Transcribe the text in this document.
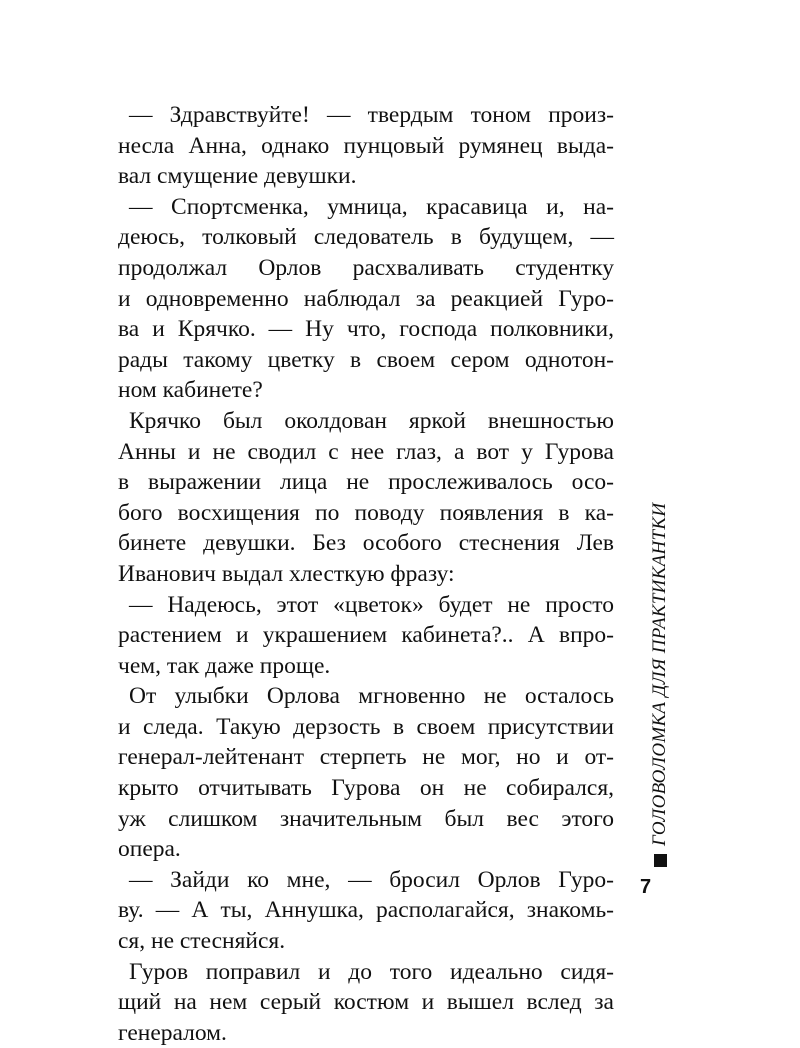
— Здравствуйте! — твердым тоном произ-
несла Анна, однако пунцовый румянец выда-
вал смущение девушки.
— Спортсменка, умница, красавица и, на-
деюсь, толковый следователь в будущем, —
продолжал Орлов расхваливать студентку
и одновременно наблюдал за реакцией Гуро-
ва и Крячко. — Ну что, господа полковники,
рады такому цветку в своем сером однотон-
ном кабинете?
Крячко был околдован яркой внешностью
Анны и не сводил с нее глаз, а вот у Гурова
в выражении лица не прослеживалось осо-
бого восхищения по поводу появления в ка-
бинете девушки. Без особого стеснения Лев
Иванович выдал хлесткую фразу:
— Надеюсь, этот «цветок» будет не просто
растением и украшением кабинета?.. А впро-
чем, так даже проще.
От улыбки Орлова мгновенно не осталось
и следа. Такую дерзость в своем присутствии
генерал-лейтенант стерпеть не мог, но и от-
крыто отчитывать Гурова он не собирался,
уж слишком значительным был вес этого
опера.
— Зайди ко мне, — бросил Орлов Гуро-
ву. — А ты, Аннушка, располагайся, знакомь-
ся, не стесняйся.
Гуров поправил и до того идеально сидя-
щий на нем серый костюм и вышел вслед за
генералом.
ГОЛОВОЛОМКА ДЛЯ ПРАКТИКАНТКИ
7
